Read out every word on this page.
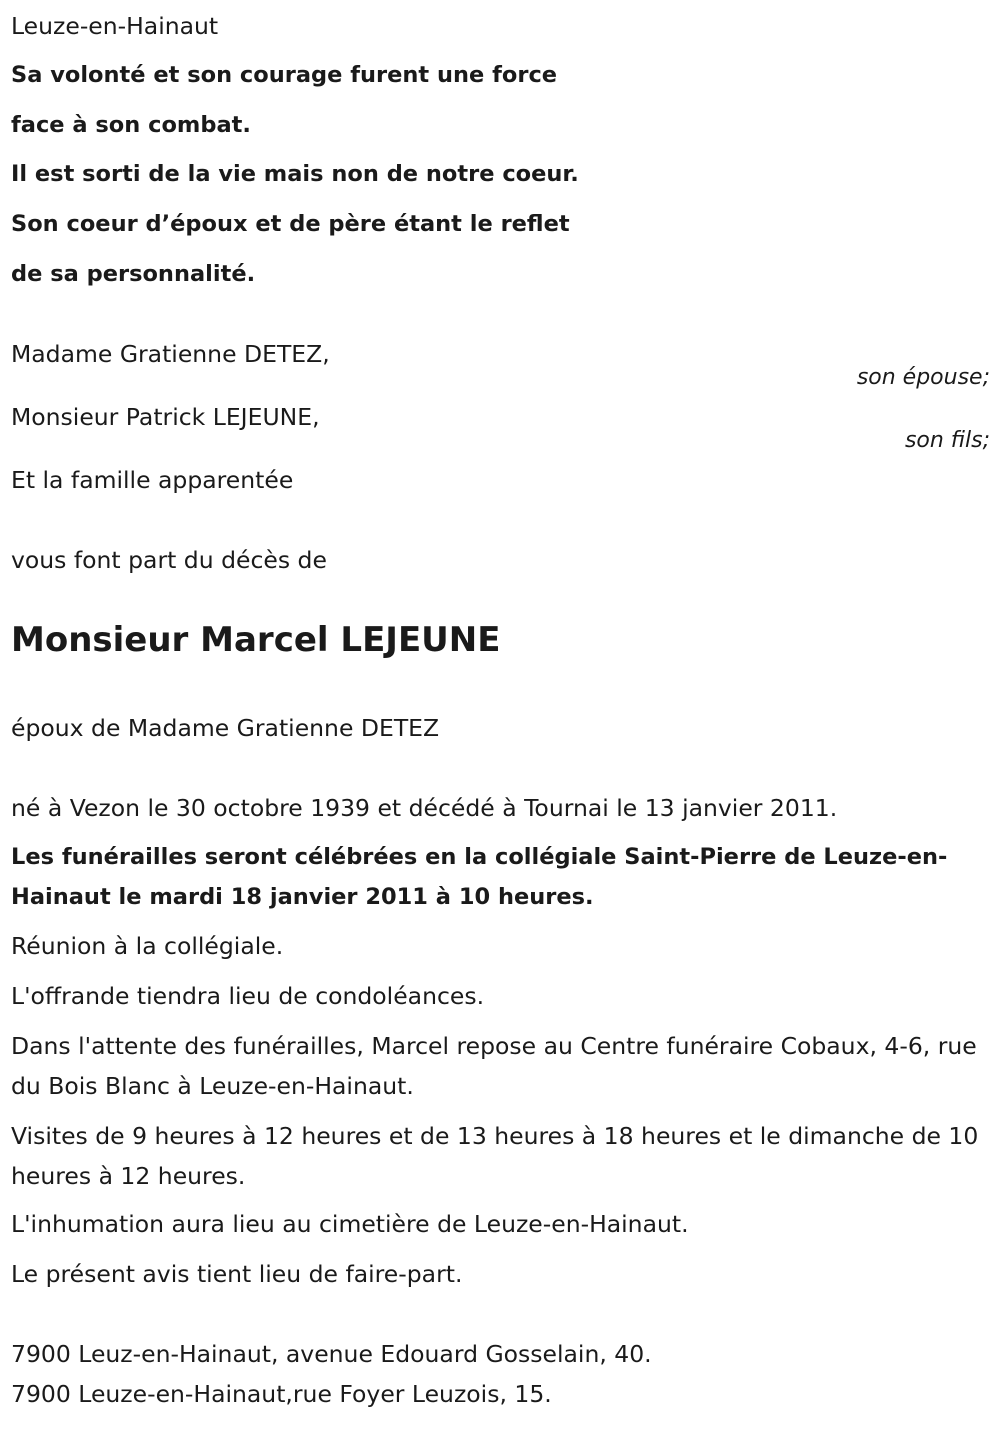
Leuze-en-Hainaut

Sa volonté et son courage furent une force

face à son combat.

Il est sorti de la vie mais non de notre coeur.

Son coeur d’époux et de père étant le reflet

de sa personnalité.

Madame Gratienne DETEZ,

son épouse;

Monsieur Patrick LEJEUNE,

son fils;

Et la famille apparentée

vous font part du décès de

Monsieur Marcel LEJEUNE

époux de Madame Gratienne DETEZ

né à Vezon le 30 octobre 1939 et décédé à Tournai le 13 janvier 2011.

Les funérailles seront célébrées en la collégiale Saint-Pierre de Leuze-en-Hainaut le mardi 18 janvier 2011 à 10 heures.

Réunion à la collégiale.

L'offrande tiendra lieu de condoléances.

Dans l'attente des funérailles, Marcel repose au Centre funéraire Cobaux, 4-6, rue du Bois Blanc à Leuze-en-Hainaut.

Visites de 9 heures à 12 heures et de 13 heures à 18 heures et le dimanche de 10 heures à 12 heures.

L'inhumation aura lieu au cimetière de Leuze-en-Hainaut.

Le présent avis tient lieu de faire-part.

7900 Leuz-en-Hainaut, avenue Edouard Gosselain, 40.

7900 Leuze-en-Hainaut,rue Foyer Leuzois, 15.
